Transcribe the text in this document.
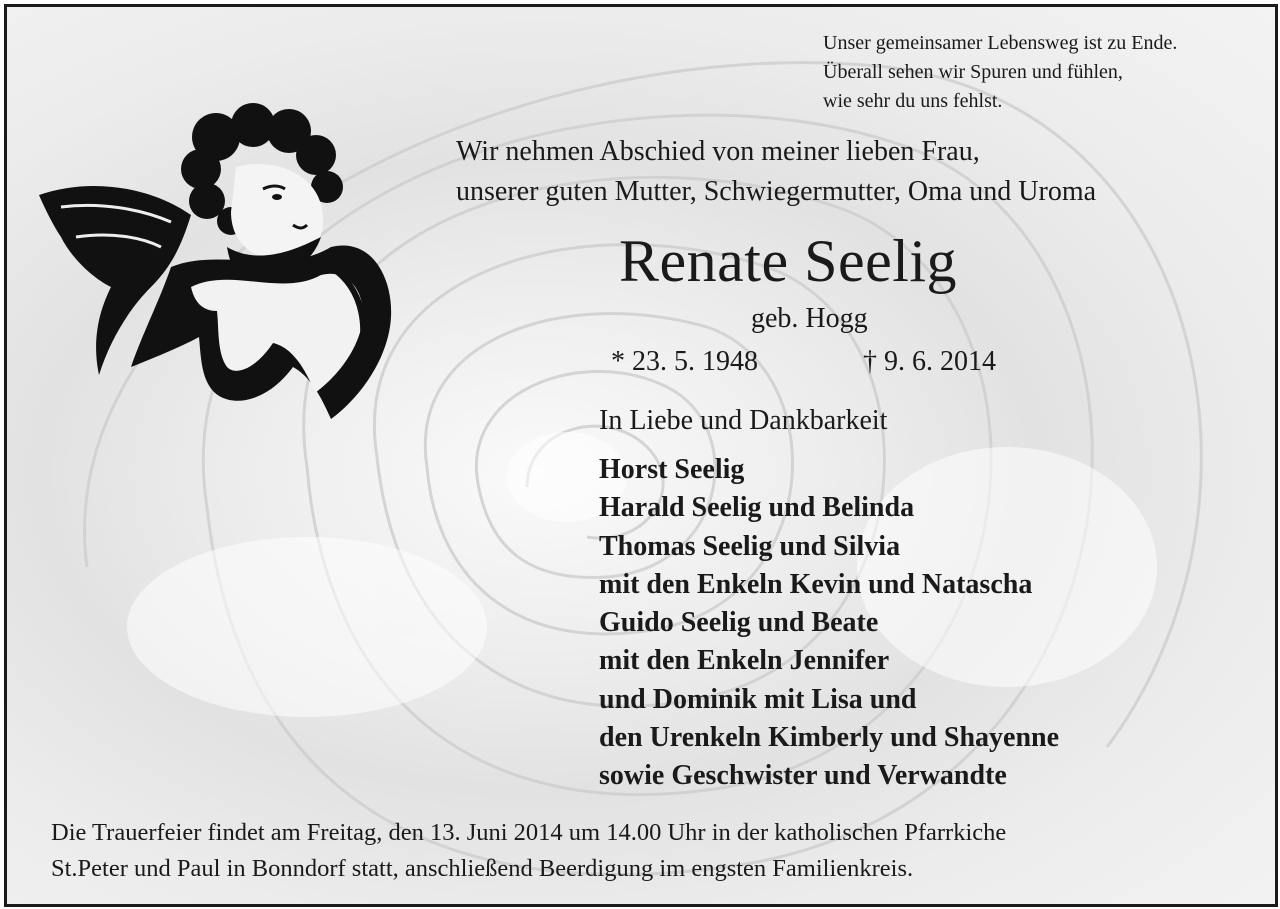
Unser gemeinsamer Lebensweg ist zu Ende.
Überall sehen wir Spuren und fühlen,
wie sehr du uns fehlst.
Wir nehmen Abschied von meiner lieben Frau,
unserer guten Mutter, Schwiegermutter, Oma und Uroma
Renate Seelig
geb. Hogg
* 23. 5. 1948	† 9. 6. 2014
In Liebe und Dankbarkeit
Horst Seelig
Harald Seelig und Belinda
Thomas Seelig und Silvia
mit den Enkeln Kevin und Natascha
Guido Seelig und Beate
mit den Enkeln Jennifer
und Dominik mit Lisa und
den Urenkeln Kimberly und Shayenne
sowie Geschwister und Verwandte
Die Trauerfeier findet am Freitag, den 13. Juni 2014 um 14.00 Uhr in der katholischen Pfarrkiche
St.Peter und Paul in Bonndorf statt, anschließend Beerdigung im engsten Familienkreis.
